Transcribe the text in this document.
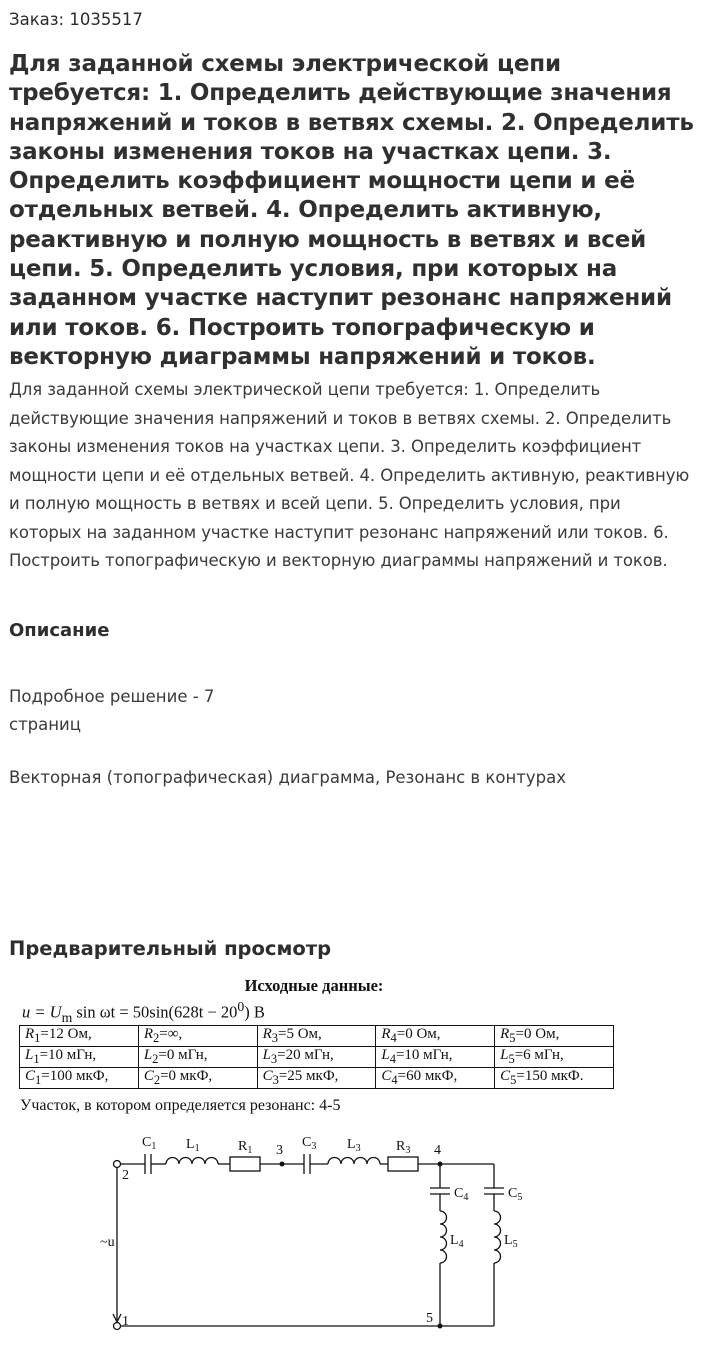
Заказ: 1035517
Для заданной схемы электрической цепи требуется: 1. Определить действующие значения напряжений и токов в ветвях схемы. 2. Определить законы изменения токов на участках цепи. 3. Определить коэффициент мощности цепи и её отдельных ветвей. 4. Определить активную, реактивную и полную мощность в ветвях и всей цепи. 5. Определить условия, при которых на заданном участке наступит резонанс напряжений или токов. 6. Построить топографическую и векторную диаграммы напряжений и токов.

Для заданной схемы электрической цепи требуется: 1. Определить действующие значения напряжений и токов в ветвях схемы. 2. Определить законы изменения токов на участках цепи. 3. Определить коэффициент мощности цепи и её отдельных ветвей. 4. Определить активную, реактивную и полную мощность в ветвях и всей цепи. 5. Определить условия, при которых на заданном участке наступит резонанс напряжений или токов. 6. Построить топографическую и векторную диаграммы напряжений и токов.

Описание
Подробное решение - 7 страниц
Векторная (топографическая) диаграмма, Резонанс в контурах
Предварительный просмотр
Исходные данные:
$u = U_m$ $\sin \omega t = 50\sin(628t - 20^0)$ В
$R_1=12$ Ом,	$R_2=\infty$,	$R_3=5$ Ом,	$R_4=0$ Ом,	$R_5=0$ Ом,
$L_1=10$ мГн,	$L_2=0$ мГн,	$L_3=20$ мГн,	$L_4=10$ мГн,	$L_5=6$ мГн,
$C_1=100$ мкФ,	$C_2=0$ мкФ,	$C_3=25$ мкФ,	$C_4=60$ мкФ,	$C_5=150$ мкФ.
Участок, в котором определяется резонанс: 4-5
$C_1$ $L_1$	$R_1$
$C_3$ $L_3$	$R_3$
$C_4$
$L_4$
$C_5$
$L_5$
~u
1
2
3	4
5
